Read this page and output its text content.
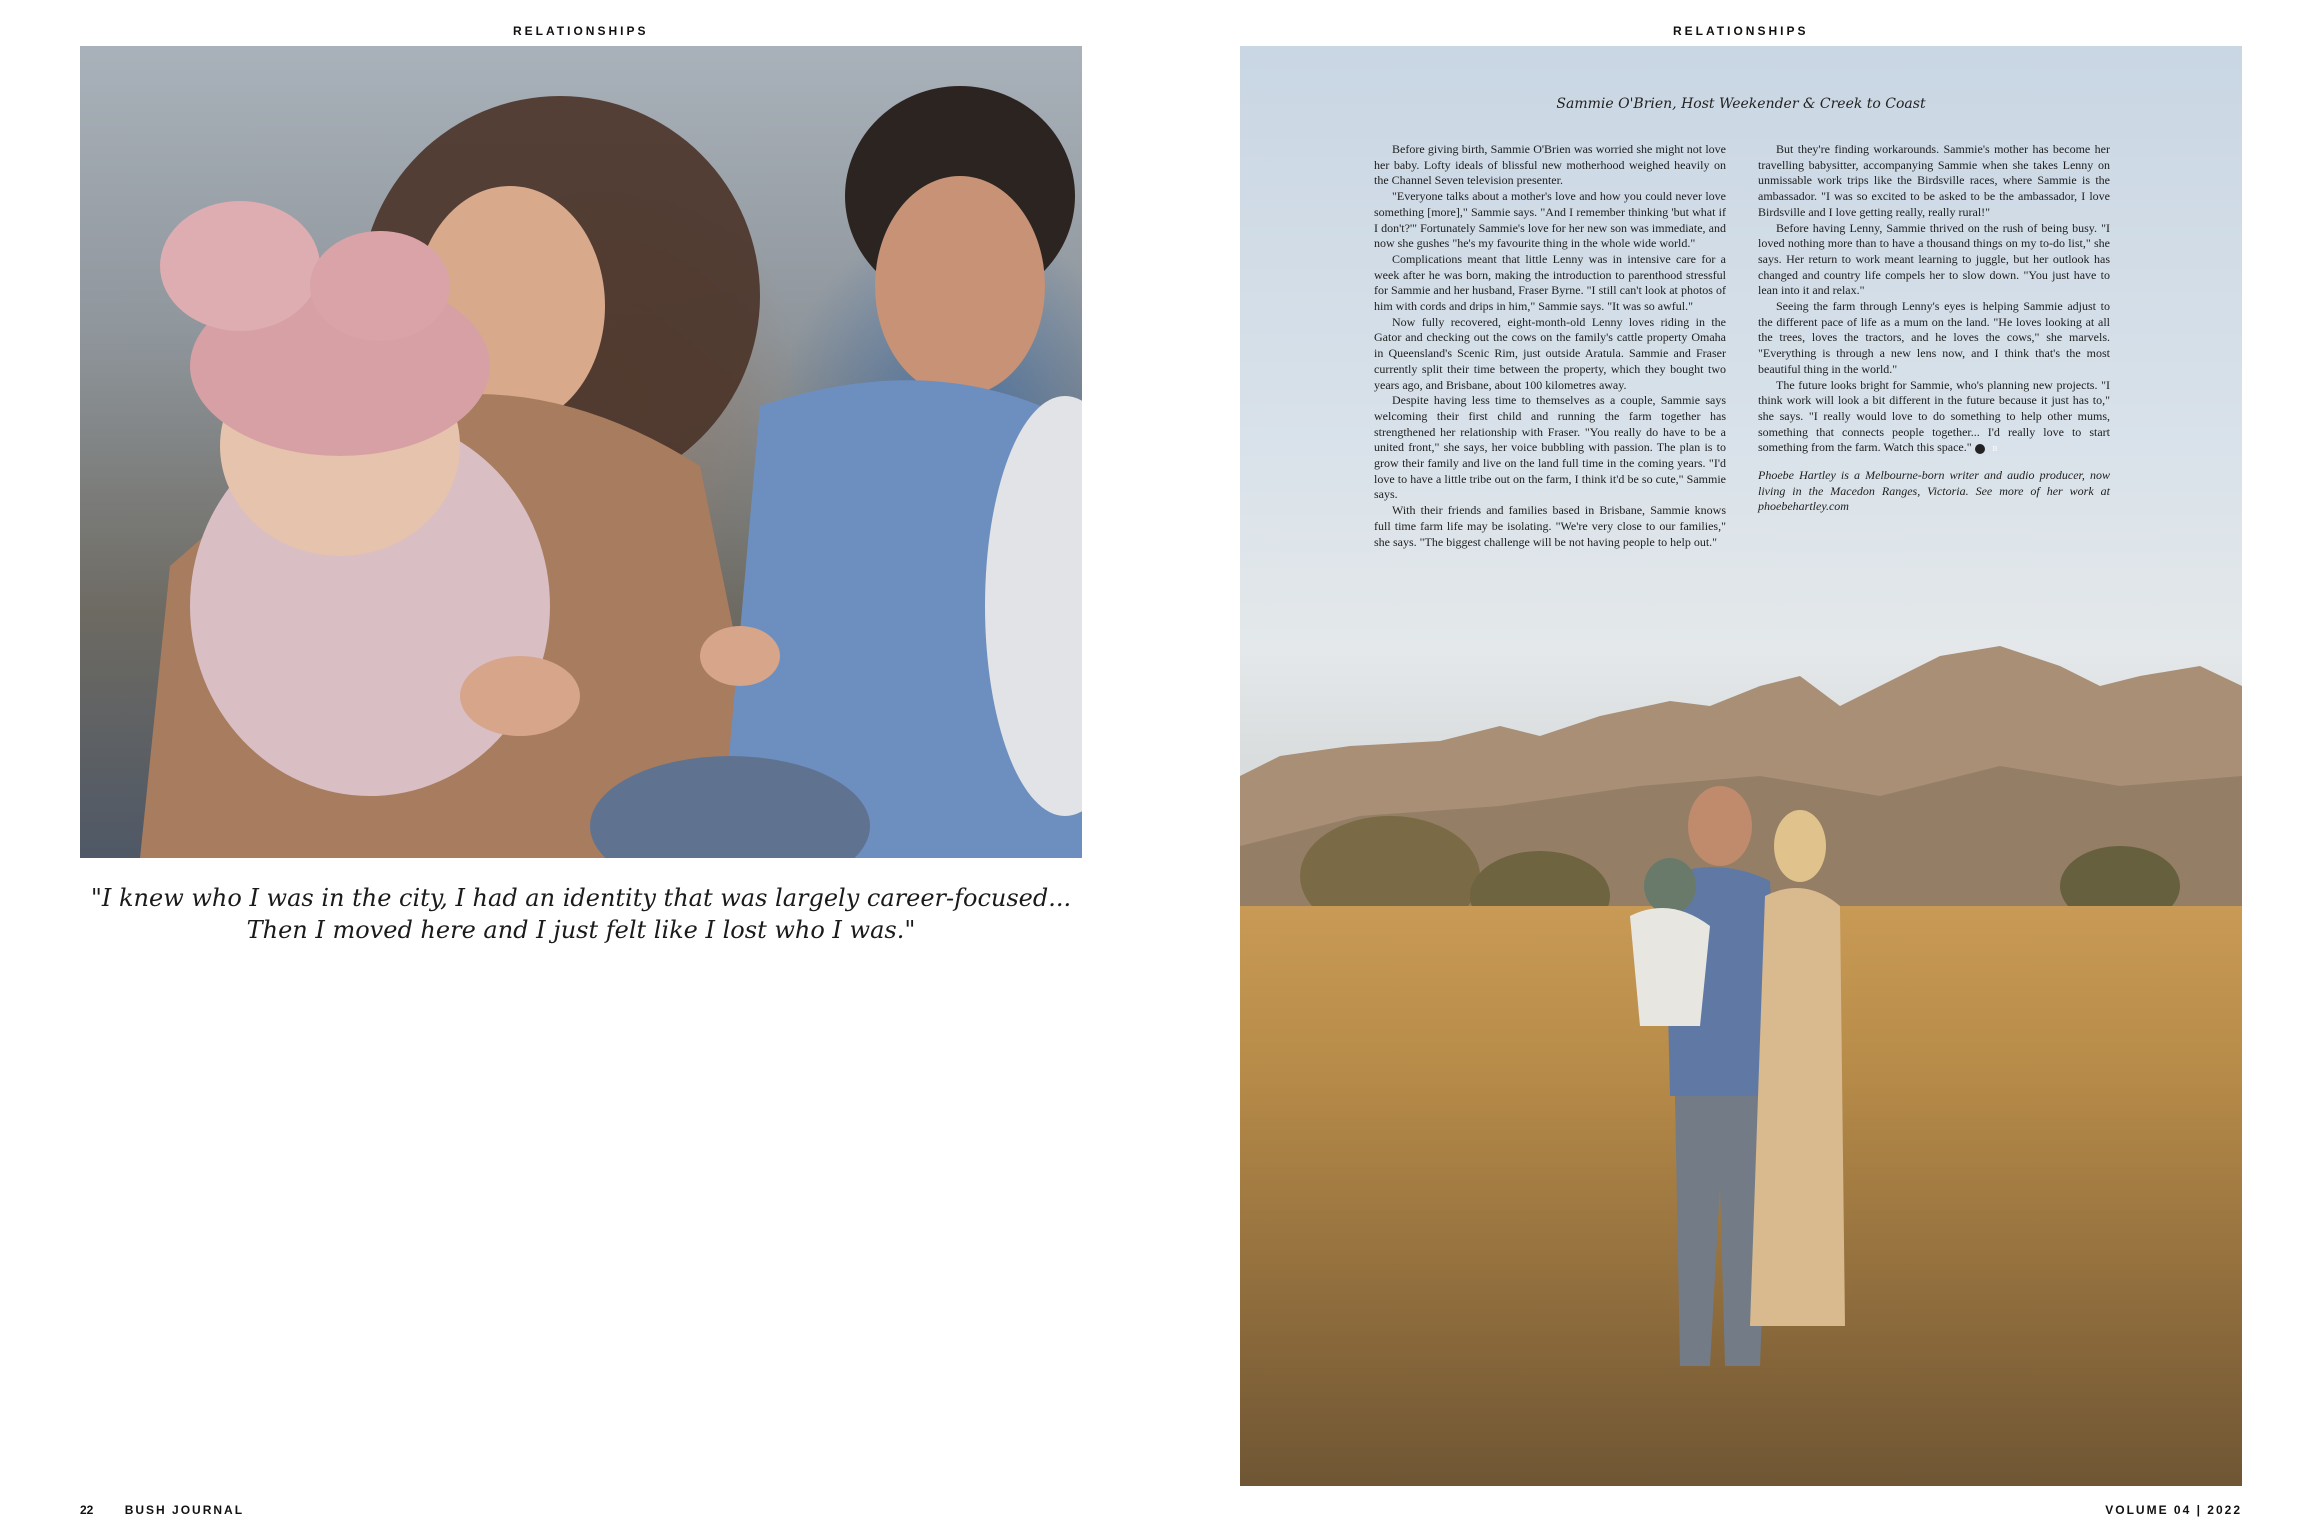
RELATIONSHIPS
"I knew who I was in the city, I had an identity that was largely career-focused...
Then I moved here and I just felt like I lost who I was."
22	BUSH JOURNAL
RELATIONSHIPS
Sammie O'Brien, Host Weekender & Creek to Coast

Before giving birth, Sammie O'Brien was worried she might not love her baby. Lofty ideals of blissful new motherhood weighed heavily on the Channel Seven television presenter.

"Everyone talks about a mother's love and how you could never love something [more]," Sammie says. "And I remember thinking 'but what if I don't?'" Fortunately Sammie's love for her new son was immediate, and now she gushes "he's my favourite thing in the whole wide world."

Complications meant that little Lenny was in intensive care for a week after he was born, making the introduction to parenthood stressful for Sammie and her husband, Fraser Byrne. "I still can't look at photos of him with cords and drips in him," Sammie says. "It was so awful."

Now fully recovered, eight-month-old Lenny loves riding in the Gator and checking out the cows on the family's cattle property Omaha in Queensland's Scenic Rim, just outside Aratula. Sammie and Fraser currently split their time between the property, which they bought two years ago, and Brisbane, about 100 kilometres away.

Despite having less time to themselves as a couple, Sammie says welcoming their first child and running the farm together has strengthened her relationship with Fraser. "You really do have to be a united front," she says, her voice bubbling with passion. The plan is to grow their family and live on the land full time in the coming years. "I'd love to have a little tribe out on the farm, I think it'd be so cute," Sammie says.

With their friends and families based in Brisbane, Sammie knows full time farm life may be isolating. "We're very close to our families," she says. "The biggest challenge will be not having people to help out."

But they're finding workarounds. Sammie's mother has become her travelling babysitter, accompanying Sammie when she takes Lenny on unmissable work trips like the Birdsville races, where Sammie is the ambassador. "I was so excited to be asked to be the ambassador, I love Birdsville and I love getting really, really rural!"

Before having Lenny, Sammie thrived on the rush of being busy. "I loved nothing more than to have a thousand things on my to-do list," she says. Her return to work meant learning to juggle, but her outlook has changed and country life compels her to slow down. "You just have to lean into it and relax."

Seeing the farm through Lenny's eyes is helping Sammie adjust to the different pace of life as a mum on the land. "He loves looking at all the trees, loves the tractors, and he loves the cows," she marvels. "Everything is through a new lens now, and I think that's the most beautiful thing in the world."

The future looks bright for Sammie, who's planning new projects. "I think work will look a bit different in the future because it just has to," she says. "I really would love to do something to help other mums, something that connects people together... I'd really love to start something from the farm. Watch this space."	B

Phoebe Hartley is a Melbourne-born writer and audio producer, now living in the Macedon Ranges, Victoria. See more of her work at phoebehartley.com

VOLUME 04 | 2022
